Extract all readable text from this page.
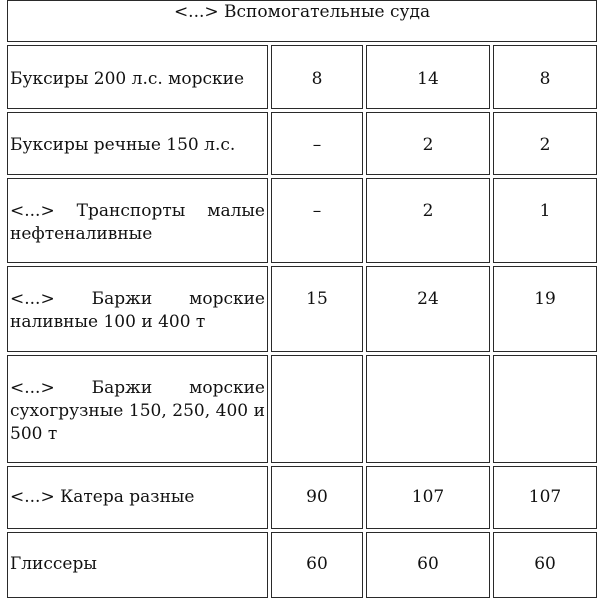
<...> Вспомогательные суда			
Буксиры 200 л.с. морские	8	14	8
Буксиры речные 150 л.с.	–	2	2
<...> Транспорты малые нефтеналивные	–	2	1
<...> Баржи морские наливные 100 и 400 т	15	24	19
<...> Баржи морские сухогрузные 150, 250, 400 и 500 т			
<...> Катера разные	90	107	107
Глиссеры	60	60	60
